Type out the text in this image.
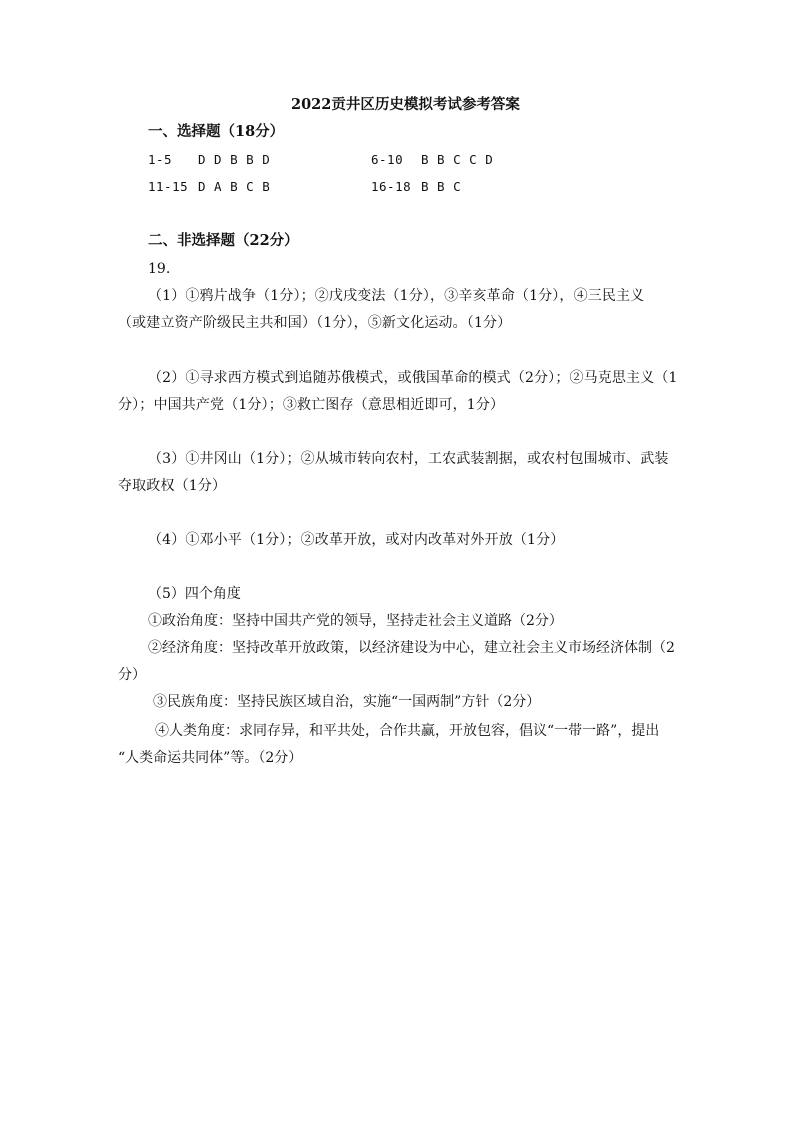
2022贡井区历史模拟考试参考答案
一、选择题（18分）
1-5 D D B B D	6-10 B B C C D
11-15 D A B C B	16-18 B B C
二、非选择题（22分）
19.
（1）①鸦片战争（1分）；②戊戌变法（1分），③辛亥革命（1分），④三民主义
（或建立资产阶级民主共和国）（1分），⑤新文化运动。（1分）
（2）①寻求西方模式到追随苏俄模式，或俄国革命的模式（2分）；②马克思主义（1
分）；中国共产党（1分）；③救亡图存（意思相近即可，1分）
（3）①井冈山（1分）；②从城市转向农村，工农武装割据，或农村包围城市、武装
夺取政权（1分）
（4）①邓小平（1分）；②改革开放，或对内改革对外开放（1分）
（5）四个角度
①政治角度：坚持中国共产党的领导，坚持走社会主义道路（2分）
②经济角度：坚持改革开放政策，以经济建设为中心，建立社会主义市场经济体制（2
分）
③民族角度：坚持民族区域自治，实施“一国两制”方针（2分）
④人类角度：求同存异，和平共处，合作共赢，开放包容，倡议“一带一路”，提出
“人类命运共同体”等。（2分）
